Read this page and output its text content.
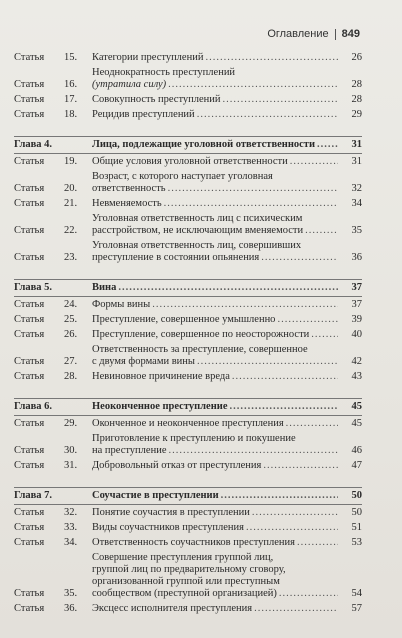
Оглавление 849
Статья	15.	Категории преступлений .....	26
Статья	16.
Неоднократность преступлений
(утратила силу) .....	28
Статья	17.	Совокупность преступлений .....	28
Статья	18.	Рецидив преступлений .....	29
Глава 4.	Лица, подлежащие уголовной ответственности .....	31
Статья	19.	Общие условия уголовной ответственности .....	31
Статья	20.
Возраст, с которого наступает уголовная
ответственность .....	32
Статья	21.	Невменяемость .....	34
Статья	22.
Уголовная ответственность лиц с психическим
расстройством, не исключающим вменяемости .....	35
Статья	23.
Уголовная ответственность лиц, совершивших
преступление в состоянии опьянения .....	36
Глава 5.	Вина .....	37
Статья	24.	Формы вины .....	37
Статья	25.	Преступление, совершенное умышленно .....	39
Статья	26.	Преступление, совершенное по неосторожности .....	40
Статья	27.
Ответственность за преступление, совершенное
с двумя формами вины .....	42
Статья	28.	Невиновное причинение вреда .....	43
Глава 6.	Неоконченное преступление .....	45
Статья	29.	Оконченное и неоконченное преступления .....	45
Статья	30.
Приготовление к преступлению и покушение
на преступление .....	46
Статья	31.	Добровольный отказ от преступления .....	47
Глава 7.	Соучастие в преступлении .....	50
Статья	32.	Понятие соучастия в преступлении .....	50
Статья	33.	Виды соучастников преступления .....	51
Статья	34.	Ответственность соучастников преступления .....	53
Статья	35.
Совершение преступления группой лиц,
группой лиц по предварительному сговору,
организованной группой или преступным
сообществом (преступной организацией) .....	54
Статья	36.	Эксцесс исполнителя преступления .....	57
